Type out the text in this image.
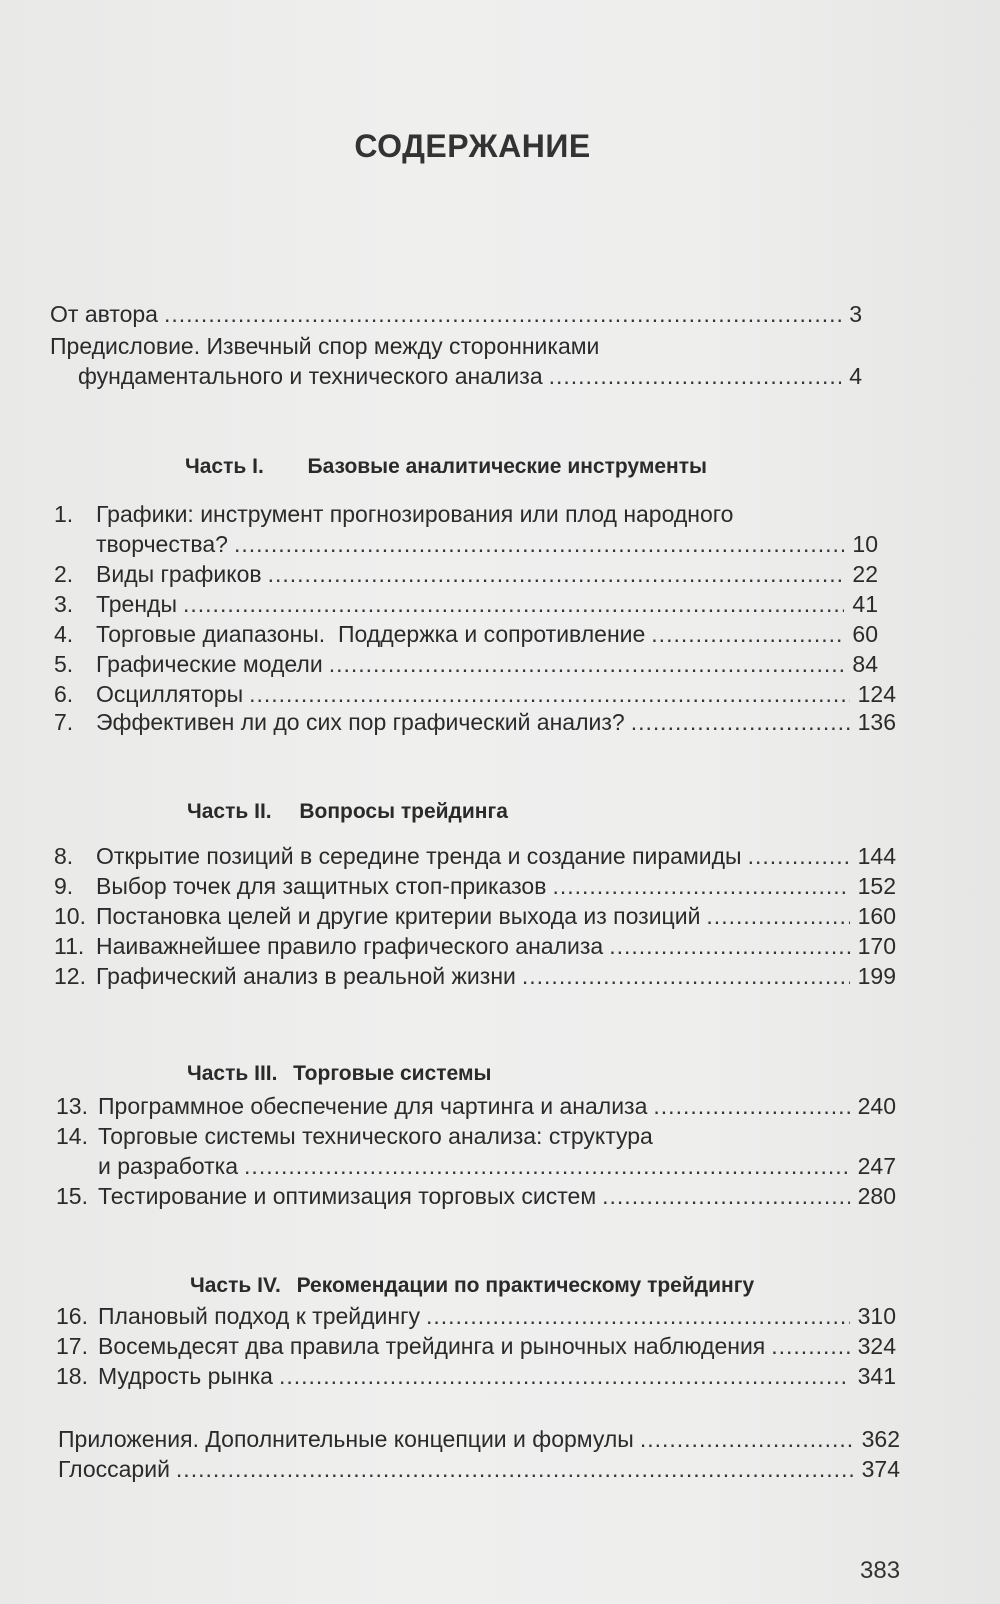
СОДЕРЖАНИЕ
От автора .....	3
Предисловие. Извечный спор между сторонниками
фундаментального и технического анализа .....	4
Часть I. Базовые аналитические инструменты
1. Графики: инструмент прогнозирования или плод народного
творчества? .....	10
2. Виды графиков .....	22
3. Тренды .....	41
4. Торговые диапазоны.  Поддержка и сопротивление .....	60
5. Графические модели .....	84
6. Осцилляторы .....	124
7. Эффективен ли до сих пор графический анализ? .....	136
Часть II. Вопросы трейдинга
8. Открытие позиций в середине тренда и создание пирамиды .....	144
9. Выбор точек для защитных стоп-приказов .....	152
10. Постановка целей и другие критерии выхода из позиций .....	160
11. Наиважнейшее правило графического анализа .....	170
12. Графический анализ в реальной жизни .....	199
Часть III. Торговые системы
13. Программное обеспечение для чартинга и анализа .....	240
14. Торговые системы технического анализа: структура
и разработка .....	247
15. Тестирование и оптимизация торговых систем .....	280
Часть IV. Рекомендации по практическому трейдингу
16. Плановый подход к трейдингу .....	310
17. Восемьдесят два правила трейдинга и рыночных наблюдения .....	324
18. Мудрость рынка .....	341
Приложения. Дополнительные концепции и формулы .....	362
Глоссарий .....	374
383
